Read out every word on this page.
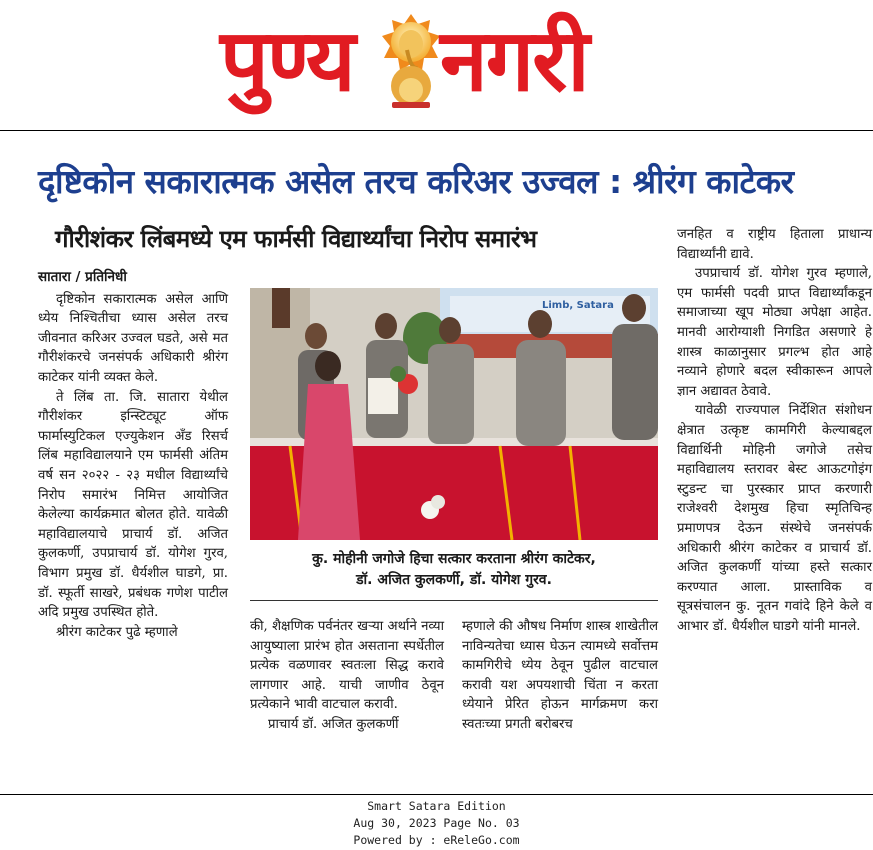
पुण्य नगरी
दृष्टिकोन सकारात्मक असेल तरच करिअर उज्वल : श्रीरंग काटेकर
गौरीशंकर लिंबमध्ये एम फार्मसी विद्यार्थ्यांचा निरोप समारंभ
सातारा / प्रतिनिधी

दृष्टिकोन सकारात्मक असेल आणि ध्येय निश्चितीचा ध्यास असेल तरच जीवनात करिअर उज्वल घडते, असे मत गौरीशंकरचे जनसंपर्क अधिकारी श्रीरंग काटेकर यांनी व्यक्त केले.

ते लिंब ता. जि. सातारा येथील गौरीशंकर इन्स्टिट्यूट ऑफ फार्मास्युटिकल एज्युकेशन अँड रिसर्च लिंब महाविद्यालयाने एम फार्मसी अंतिम वर्ष सन २०२२ - २३ मधील विद्यार्थ्यांचे निरोप समारंभ निमित्त आयोजित केलेल्या कार्यक्रमात बोलत होते. यावेळी महाविद्यालयाचे प्राचार्य डॉ. अजित कुलकर्णी, उपप्राचार्य डॉ. योगेश गुरव, विभाग प्रमुख डॉ. धैर्यशील घाडगे, प्रा. डॉ. स्फूर्ती साखरे, प्रबंधक गणेश पाटील अदि प्रमुख उपस्थित होते.

श्रीरंग काटेकर पुढे म्हणाले

Limb, Satara
कु. मोहीनी जगोजे हिचा सत्कार करताना श्रीरंग काटेकर,
डॉ. अजित कुलकर्णी, डॉ. योगेश गुरव.

की, शैक्षणिक पर्वनंतर खऱ्या अर्थाने नव्या आयुष्याला प्रारंभ होत असताना स्पर्धेतील प्रत्येक वळणावर स्वतःला सिद्ध करावे लागणार आहे. याची जाणीव ठेवून प्रत्येकाने भावी वाटचाल करावी.

प्राचार्य डॉ. अजित कुलकर्णी

म्हणाले की औषध निर्माण शास्त्र शाखेतील नाविन्यतेचा ध्यास घेऊन त्यामध्ये सर्वोत्तम कामगिरीचे ध्येय ठेवून पुढील वाटचाल करावी यश अपयशाची चिंता न करता ध्येयाने प्रेरित होऊन मार्गक्रमण करा स्वतःच्या प्रगती बरोबरच

जनहित व राष्ट्रीय हिताला प्राधान्य विद्यार्थ्यांनी द्यावे.

उपप्राचार्य डॉ. योगेश गुरव म्हणाले, एम फार्मसी पदवी प्राप्त विद्यार्थ्यांकडून समाजाच्या खूप मोठ्या अपेक्षा आहेत. मानवी आरोग्याशी निगडित असणारे हे शास्त्र काळानुसार प्रगल्भ होत आहे नव्याने होणारे बदल स्वीकारून आपले ज्ञान अद्यावत ठेवावे.

यावेळी राज्यपाल निर्देशित संशोधन क्षेत्रात उत्कृष्ट कामगिरी केल्याबद्दल विद्यार्थिनी मोहिनी जगोजे तसेच महाविद्यालय स्तरावर बेस्ट आऊटगोइंग स्टुडन्ट चा पुरस्कार प्राप्त करणारी राजेश्वरी देशमुख हिचा स्मृतिचिन्ह प्रमाणपत्र देऊन संस्थेचे जनसंपर्क अधिकारी श्रीरंग काटेकर व प्राचार्य डॉ. अजित कुलकर्णी यांच्या हस्ते सत्कार करण्यात आला. प्रास्ताविक व सूत्रसंचालन कु. नूतन गवांदे हिने केले व आभार डॉ. धैर्यशील घाडगे यांनी मानले.

Smart Satara Edition
Aug 30, 2023 Page No. 03
Powered by : eReleGo.com
